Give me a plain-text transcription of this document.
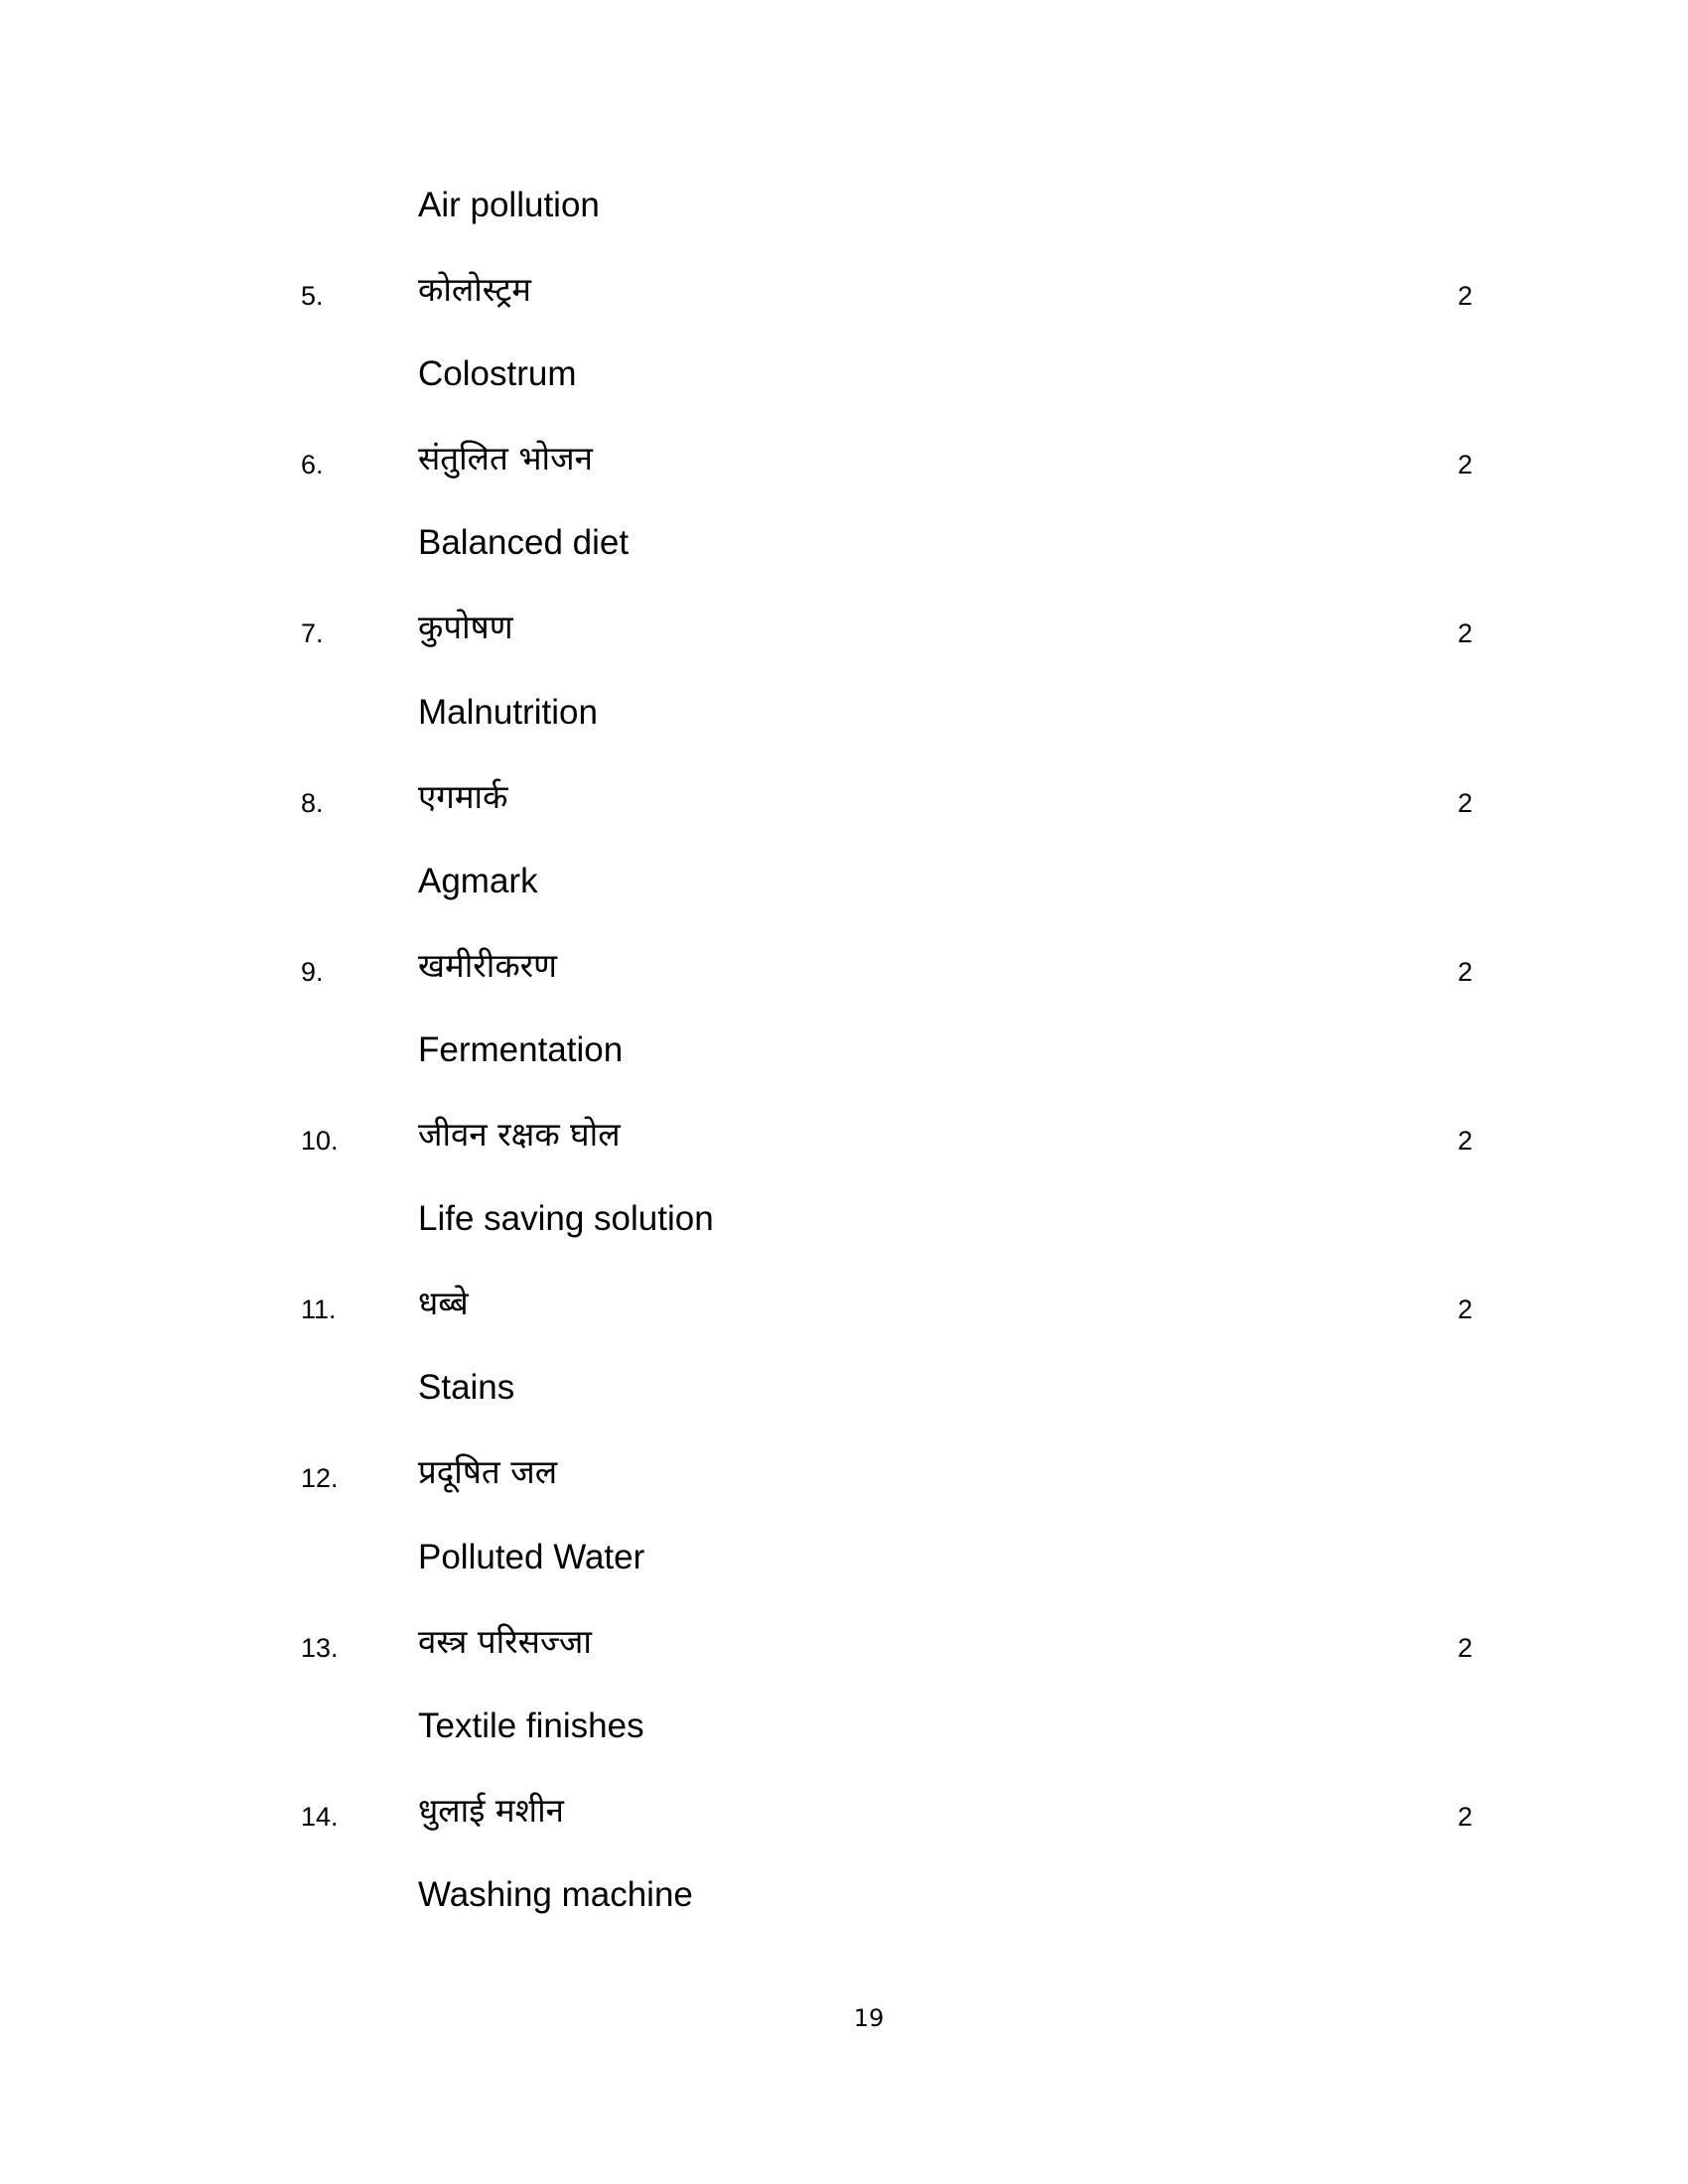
Air pollution
5.	कोलोस्ट्रम	2
Colostrum
6.	संतुलित भोजन	2
Balanced diet
7.	कुपोषण	2
Malnutrition
8.	एगमार्क	2
Agmark
9.	खमीरीकरण	2
Fermentation
10. जीवन रक्षक घोल	2
Life saving solution
11. धब्बे	2
Stains
12. प्रदूषित जल
Polluted Water
13. वस्त्र परिसज्जा	2
Textile finishes
14. धुलाई मशीन	2
Washing machine
19
